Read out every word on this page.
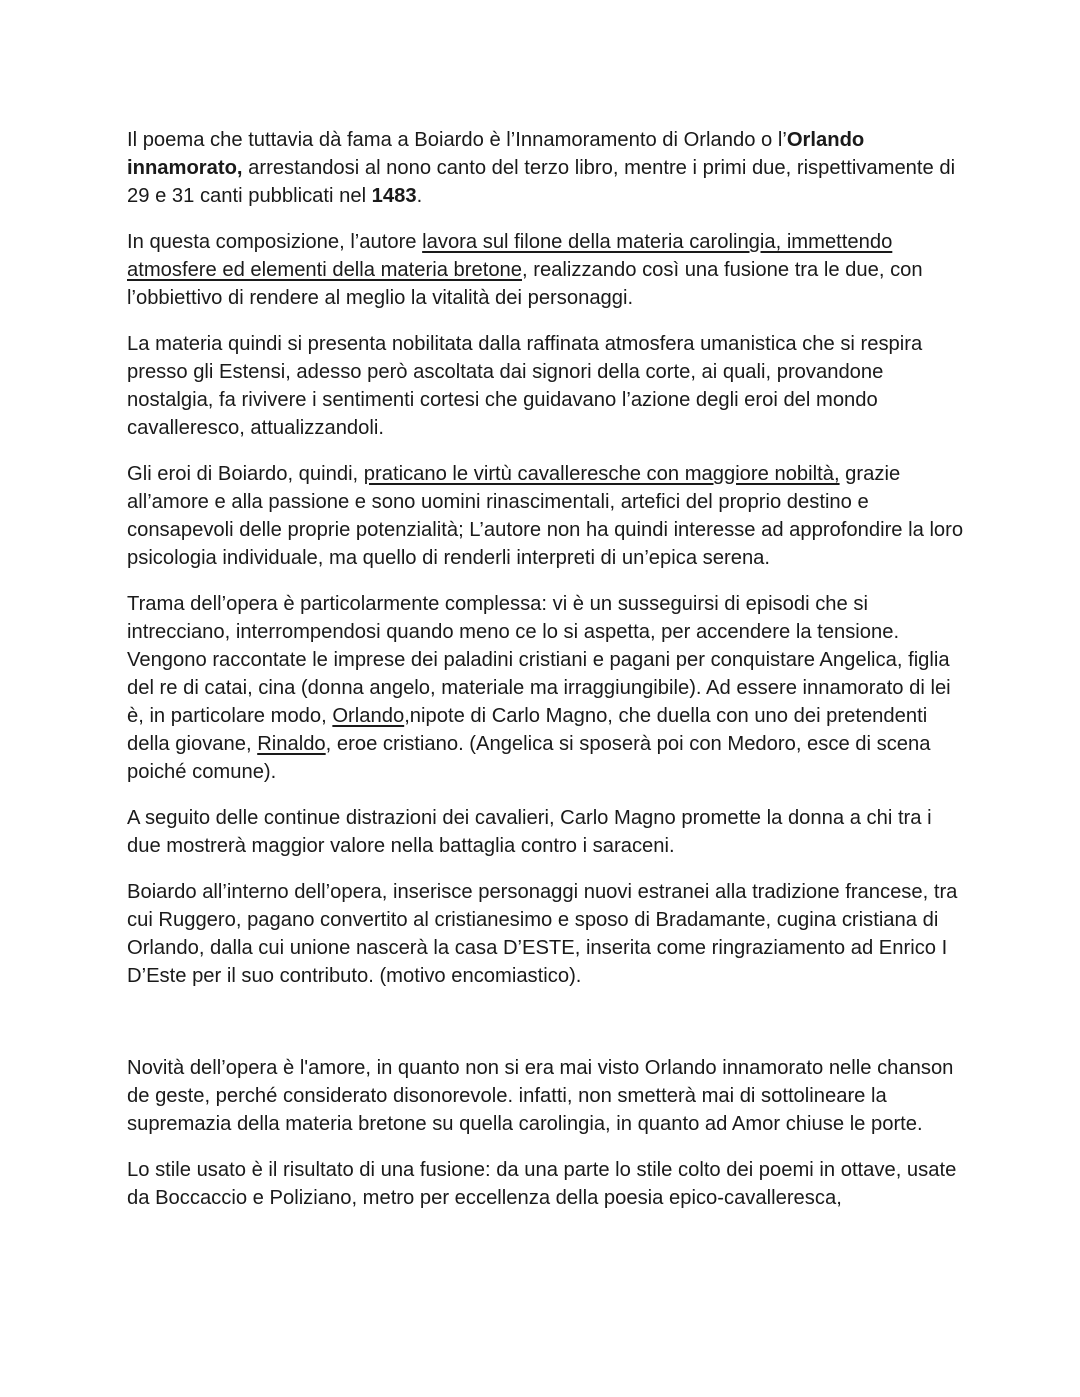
Il poema che tuttavia dà fama a Boiardo è l’Innamoramento di Orlando o l’Orlando innamorato, arrestandosi al nono canto del terzo libro, mentre i primi due, rispettivamente di 29 e 31 canti pubblicati nel 1483.

In questa composizione, l’autore lavora sul filone della materia carolingia, immettendo atmosfere ed elementi della materia bretone, realizzando così una fusione tra le due, con l’obbiettivo di rendere al meglio la vitalità dei personaggi.

La materia quindi si presenta nobilitata dalla raffinata atmosfera umanistica che si respira presso gli Estensi, adesso però ascoltata dai signori della corte, ai quali, provandone nostalgia, fa rivivere i sentimenti cortesi che guidavano l’azione degli eroi del mondo cavalleresco, attualizzandoli.

Gli eroi di Boiardo, quindi, praticano le virtù cavalleresche con maggiore nobiltà, grazie all’amore e alla passione e sono uomini rinascimentali, artefici del proprio destino e consapevoli delle proprie potenzialità; L’autore non ha quindi interesse ad approfondire la loro psicologia individuale, ma quello di renderli interpreti di un’epica serena.

Trama dell’opera è particolarmente complessa: vi è un susseguirsi di episodi che si intrecciano, interrompendosi quando meno ce lo si aspetta, per accendere la tensione. Vengono raccontate le imprese dei paladini cristiani e pagani per conquistare Angelica, figlia del re di catai, cina (donna angelo, materiale ma irraggiungibile). Ad essere innamorato di lei è, in particolare modo, Orlando,nipote di Carlo Magno, che duella con uno dei pretendenti della giovane, Rinaldo, eroe cristiano. (Angelica si sposerà poi con Medoro, esce di scena poiché comune).

A seguito delle continue distrazioni dei cavalieri, Carlo Magno promette la donna a chi tra i due mostrerà maggior valore nella battaglia contro i saraceni.

Boiardo all’interno dell’opera, inserisce personaggi nuovi estranei alla tradizione francese, tra cui Ruggero, pagano convertito al cristianesimo e sposo di Bradamante, cugina cristiana di Orlando, dalla cui unione nascerà la casa D’ESTE, inserita come ringraziamento ad Enrico I D’Este per il suo contributo. (motivo encomiastico).

Novità dell’opera è l'amore, in quanto non si era mai visto Orlando innamorato nelle chanson de geste, perché considerato disonorevole. infatti, non smetterà mai di sottolineare la supremazia della materia bretone su quella carolingia, in quanto ad Amor chiuse le porte.

Lo stile usato è il risultato di una fusione: da una parte lo stile colto dei poemi in ottave, usate da Boccaccio e Poliziano, metro per eccellenza della poesia epico-cavalleresca,
